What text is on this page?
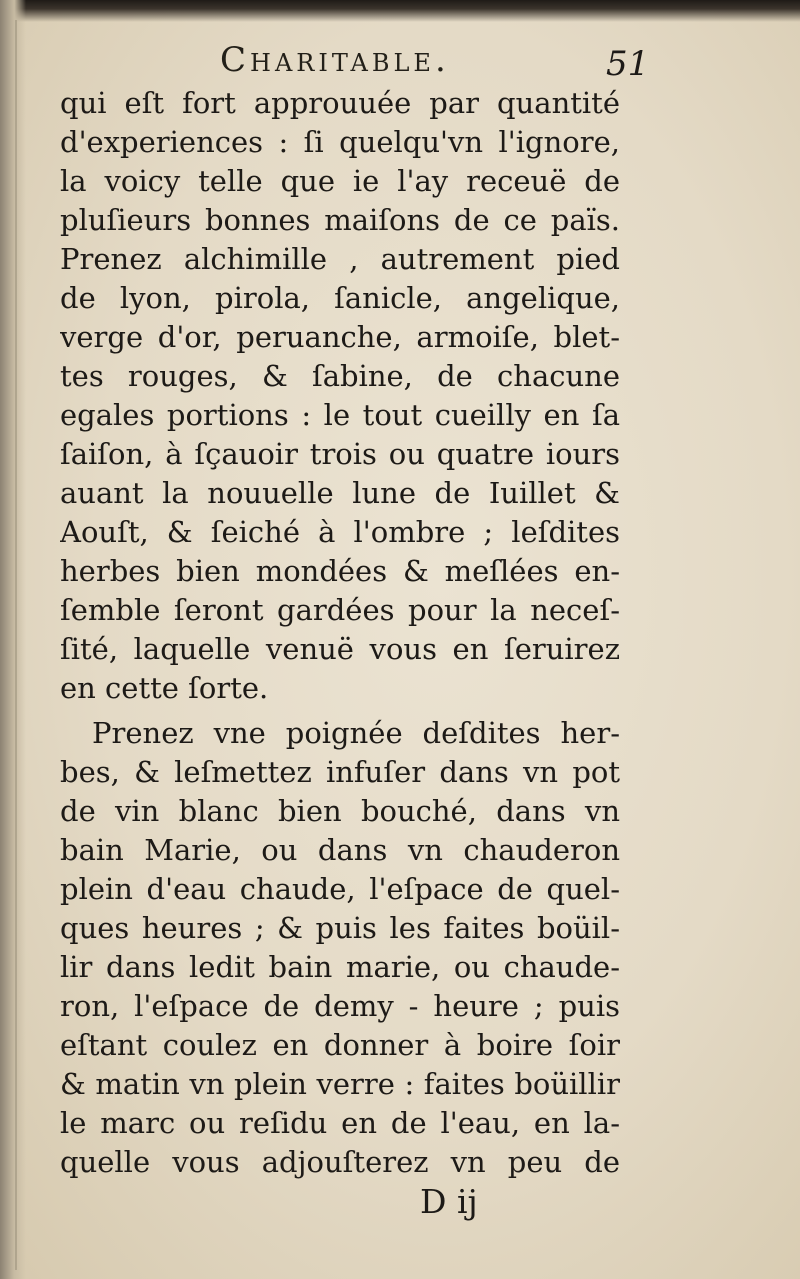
Charitable.	51
qui eſt fort approuuée par quantité
d'experiences : ſi quelqu'vn l'ignore,
la voicy telle que ie l'ay receuë de
pluſieurs bonnes maiſons de ce païs.
Prenez alchimille , autrement pied
de lyon, pirola, ſanicle, angelique,
verge d'or, peruanche, armoiſe, blet-
tes rouges, & ſabine, de chacune
egales portions : le tout cueilly en ſa
ſaiſon, à ſçauoir trois ou quatre iours
auant la nouuelle lune de Iuillet &
Aouſt, & ſeiché à l'ombre ; leſdites
herbes bien mondées & meſlées en-
ſemble ſeront gardées pour la neceſ-
ſité, laquelle venuë vous en ſeruirez
en cette ſorte.
Prenez vne poignée deſdites her-
bes, & leſmettez infuſer dans vn pot
de vin blanc bien bouché, dans vn
bain Marie, ou dans vn chauderon
plein d'eau chaude, l'eſpace de quel-
ques heures ; & puis les faites boüil-
lir dans ledit bain marie, ou chaude-
ron, l'eſpace de demy - heure ; puis
eſtant coulez en donner à boire ſoir
& matin vn plein verre : faites boüillir
le marc ou reſidu en de l'eau, en la-
quelle vous adjouſterez vn peu de
D ij
